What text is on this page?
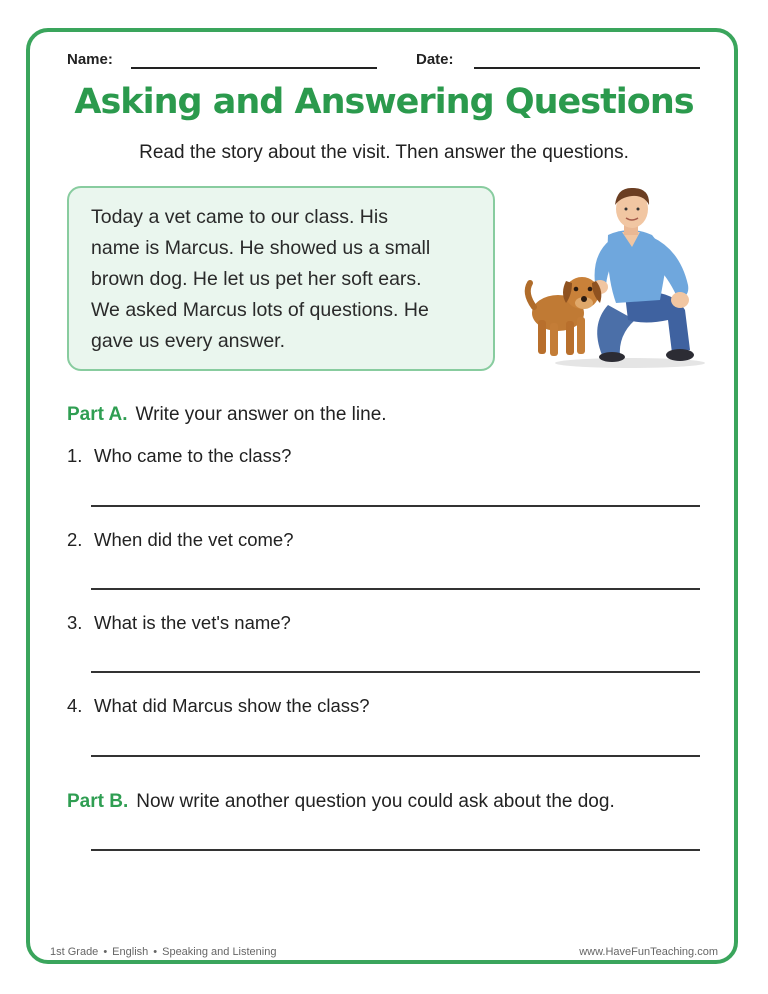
Name:	Date:
Asking and Answering Questions
Read the story about the visit. Then answer the questions.
Today a vet came to our class. His
name is Marcus. He showed us a small
brown dog. He let us pet her soft ears.
We asked Marcus lots of questions. He
gave us every answer.
Part A. Write your answer on the line.
1. Who came to the class?
2. When did the vet come?
3. What is the vet's name?
4. What did Marcus show the class?
Part B. Now write another question you could ask about the dog.
1st Grade • English • Speaking and Listening	www.HaveFunTeaching.com
